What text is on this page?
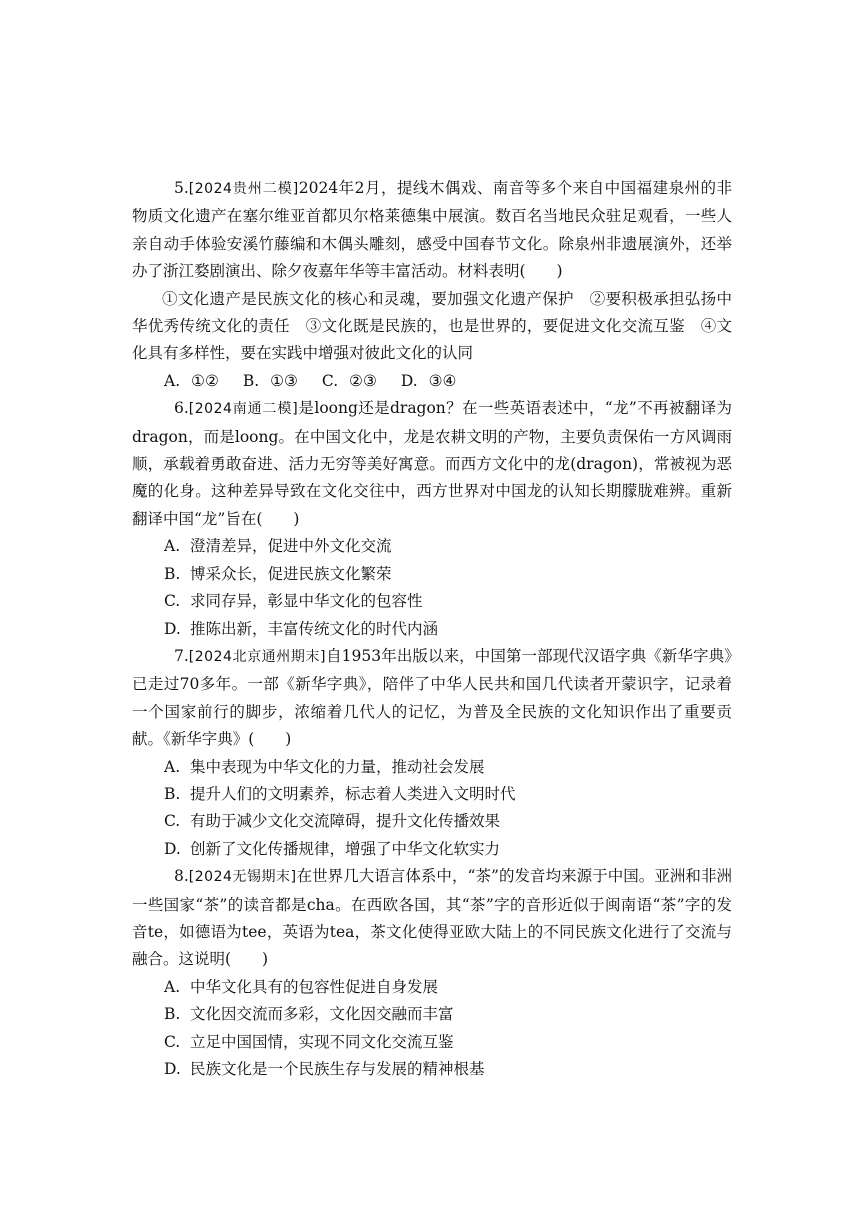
5.[2024贵州二模]2024年2月，提线木偶戏、南音等多个来自中国福建泉州的非物质文化遗产在塞尔维亚首都贝尔格莱德集中展演。数百名当地民众驻足观看，一些人亲自动手体验安溪竹藤编和木偶头雕刻，感受中国春节文化。除泉州非遗展演外，还举办了浙江婺剧演出、除夕夜嘉年华等丰富活动。材料表明(　　)

①文化遗产是民族文化的核心和灵魂，要加强文化遗产保护　②要积极承担弘扬中华优秀传统文化的责任　③文化既是民族的，也是世界的，要促进文化交流互鉴　④文化具有多样性，要在实践中增强对彼此文化的认同

A. ①② B. ①③ C. ②③ D. ③④

6.[2024南通二模]是loong还是dragon？在一些英语表述中，“龙”不再被翻译为dragon，而是loong。在中国文化中，龙是农耕文明的产物，主要负责保佑一方风调雨顺，承载着勇敢奋进、活力无穷等美好寓意。而西方文化中的龙(dragon)，常被视为恶魔的化身。这种差异导致在文化交往中，西方世界对中国龙的认知长期朦胧难辨。重新翻译中国“龙”旨在(　　)

A. 澄清差异，促进中外文化交流

B. 博采众长，促进民族文化繁荣

C. 求同存异，彰显中华文化的包容性

D. 推陈出新，丰富传统文化的时代内涵

7.[2024北京通州期末]自1953年出版以来，中国第一部现代汉语字典《新华字典》已走过70多年。一部《新华字典》，陪伴了中华人民共和国几代读者开蒙识字，记录着一个国家前行的脚步，浓缩着几代人的记忆，为普及全民族的文化知识作出了重要贡献。《新华字典》(　　)

A. 集中表现为中华文化的力量，推动社会发展

B. 提升人们的文明素养，标志着人类进入文明时代

C. 有助于减少文化交流障碍，提升文化传播效果

D. 创新了文化传播规律，增强了中华文化软实力

8.[2024无锡期末]在世界几大语言体系中，“茶”的发音均来源于中国。亚洲和非洲一些国家“茶”的读音都是cha。在西欧各国，其“茶”字的音形近似于闽南语“茶”字的发音te，如德语为tee，英语为tea，茶文化使得亚欧大陆上的不同民族文化进行了交流与融合。这说明(　　)

A. 中华文化具有的包容性促进自身发展

B. 文化因交流而多彩，文化因交融而丰富

C. 立足中国国情，实现不同文化交流互鉴

D. 民族文化是一个民族生存与发展的精神根基
